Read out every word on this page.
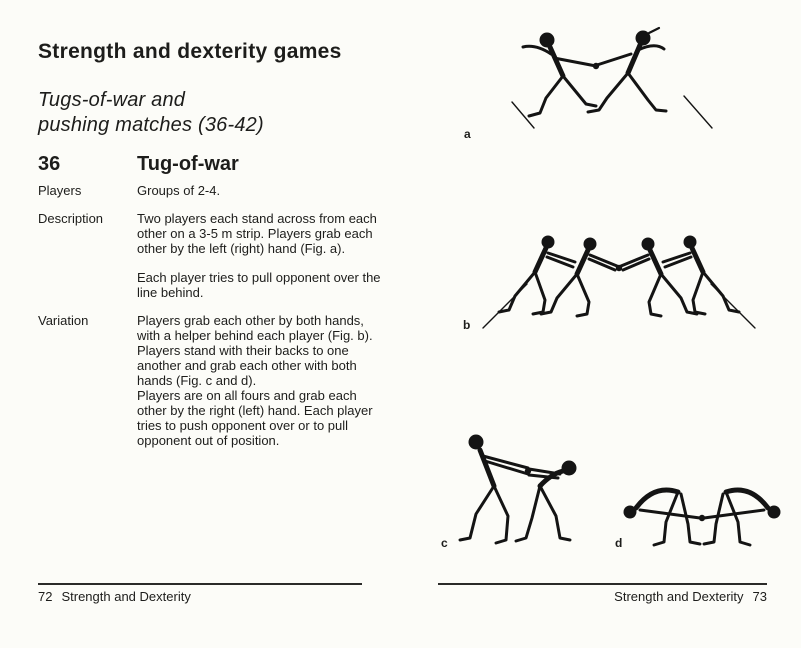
Strength and dexterity games
Tugs-of-war and
pushing matches (36-42)
36	Tug-of-war
Players	Groups of 2-4.

Description	Two players each stand across from each other on a 3-5 m strip. Players grab each other by the left (right) hand (Fig. a).

Each player tries to pull opponent over the line behind.

Variation	Players grab each other by both hands, with a helper behind each player (Fig. b).

Players stand with their backs to one another and grab each other with both hands (Fig. c and d).

Players are on all fours and grab each other by the right (left) hand. Each player tries to push opponent over or to pull opponent out of position.

72 Strength and Dexterity
a
b
c	d
Strength and Dexterity 73
